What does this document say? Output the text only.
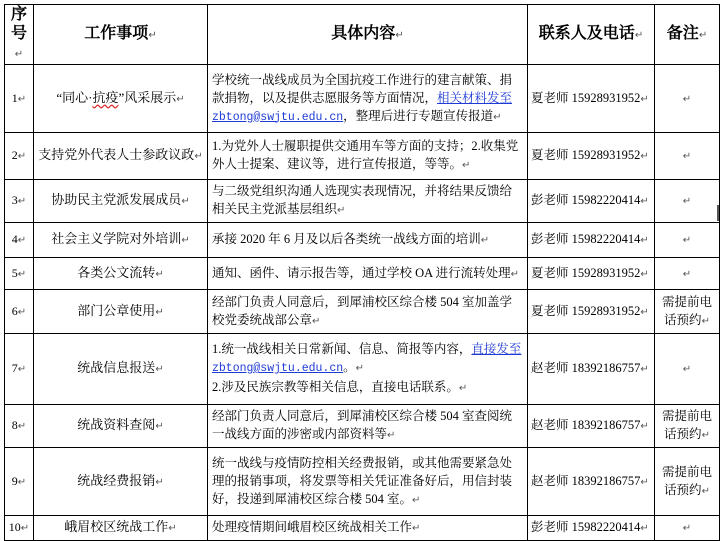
序号↵	工作事项↵	具体内容↵	联系人及电话↵	备注↵
1↵	“同心·抗疫”风采展示↵	学校统一战线成员为全国抗疫工作进行的建言献策、捐款捐物，以及提供志愿服务等方面情况，相关材料发至
zbtong@swjtu.edu.cn，整理后进行专题宣传报道↵	夏老师 15928931952↵	↵
2↵	支持党外代表人士参政议政↵	1.为党外人士履职提供交通用车等方面的支持；2.收集党外人士提案、建议等，进行宣传报道，等等。↵	夏老师 15928931952↵	↵
3↵	协助民主党派发展成员↵	与二级党组织沟通人选现实表现情况，并将结果反馈给相关民主党派基层组织↵	彭老师 15982220414↵	↵
4↵	社会主义学院对外培训↵	承接 2020 年 6 月及以后各类统一战线方面的培训↵	彭老师 15982220414↵	↵
5↵	各类公文流转↵	通知、函件、请示报告等，通过学校 OA 进行流转处理↵	夏老师 15928931952↵	↵
6↵	部门公章使用↵	经部门负责人同意后，到犀浦校区综合楼 504 室加盖学校党委统战部公章↵	夏老师 15928931952↵	需提前电话预约↵
7↵	统战信息报送↵	1.统一战线相关日常新闻、信息、简报等内容，直接发至
zbtong@swjtu.edu.cn。↵
2.涉及民族宗教等相关信息，直接电话联系。↵	赵老师 18392186757↵	↵
8↵	统战资料查阅↵	经部门负责人同意后，到犀浦校区综合楼 504 室查阅统一战线方面的涉密或内部资料等↵	赵老师 18392186757↵	需提前电话预约↵
9↵	统战经费报销↵	统一战线与疫情防控相关经费报销，或其他需要紧急处理的报销事项，将发票等相关凭证准备好后，用信封装好，投递到犀浦校区综合楼 504 室。↵	赵老师 18392186757↵	需提前电话预约↵
10↵	峨眉校区统战工作↵	处理疫情期间峨眉校区统战相关工作↵	彭老师 15982220414↵	↵
